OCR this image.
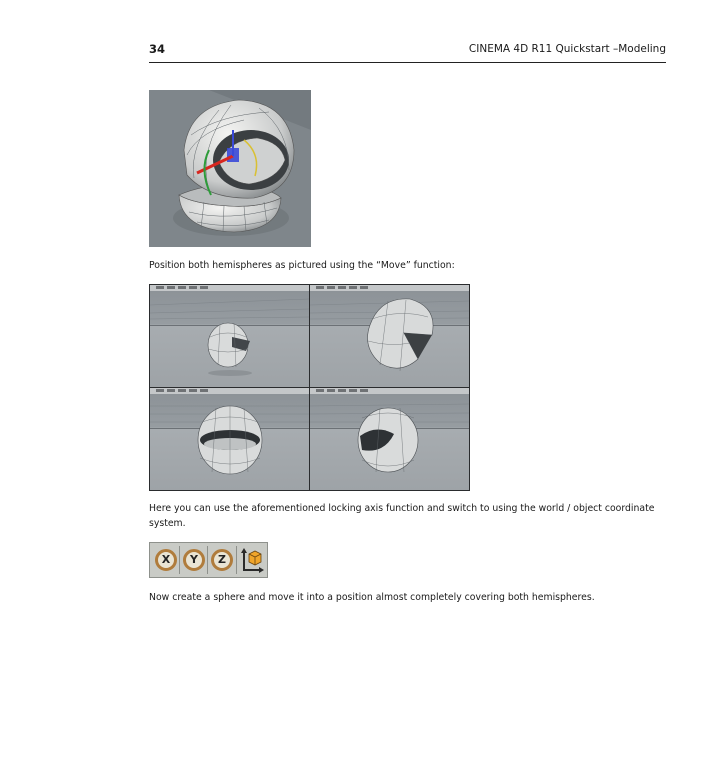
34	CINEMA 4D R11 Quickstart –Modeling
Position both hemispheres as pictured using the “Move” function:
Here you can use the aforementioned locking axis function and switch to using the world / object coordinate system.
X	Y	Z
Now create a sphere and move it into a position almost completely covering both hemispheres.
